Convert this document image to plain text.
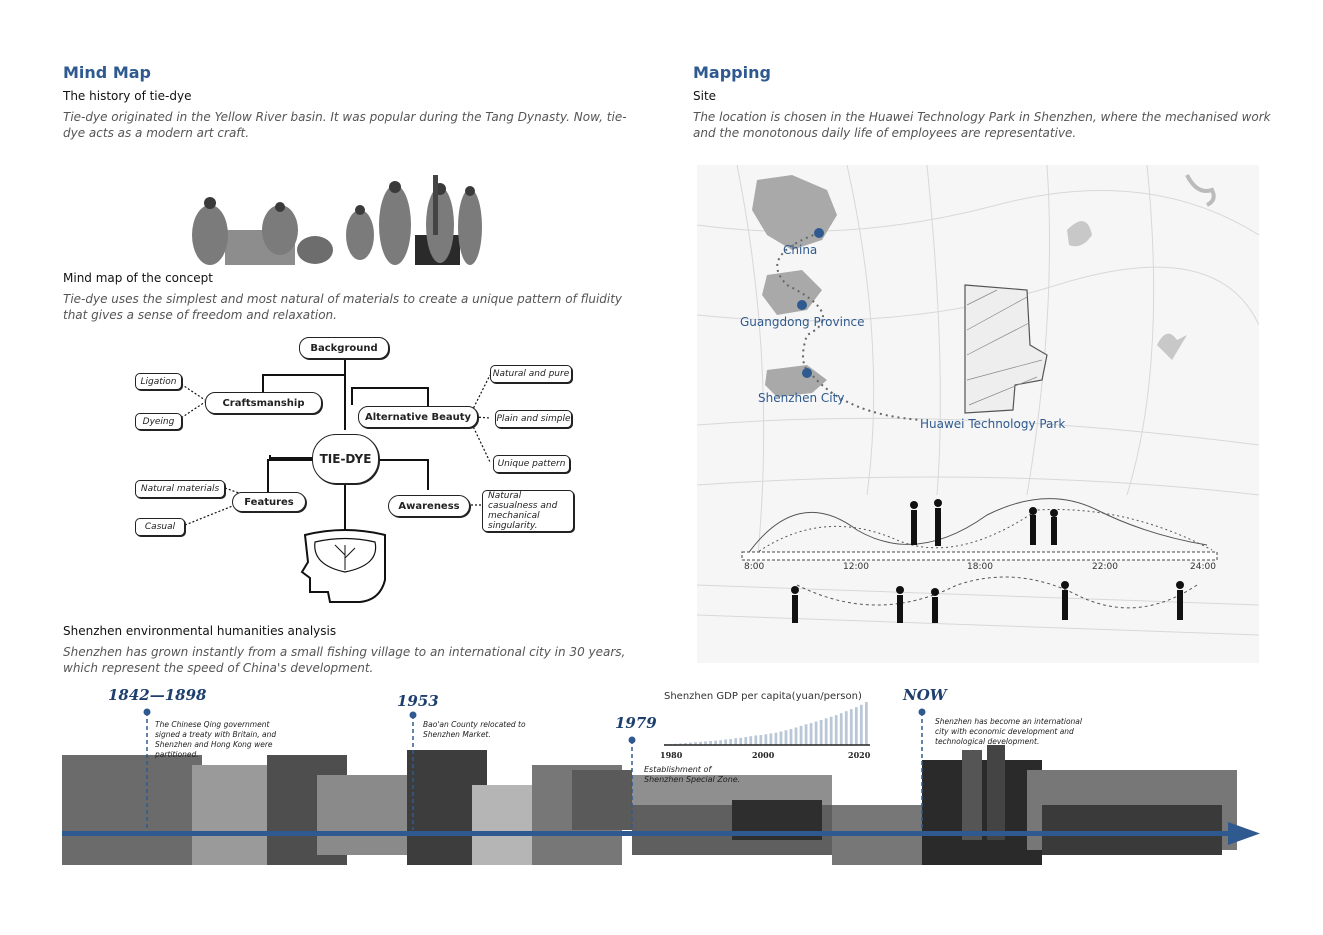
Mind Map
The history of tie-dye
Tie-dye originated in the Yellow River basin. It was popular during the Tang Dynasty. Now, tie-dye acts as a modern art craft.
Mind map of the concept
Tie-dye uses the simplest and most natural of materials to create a unique pattern of fluidity that gives a sense of freedom and relaxation.
Background
Ligation
Dyeing
Craftsmanship
Alternative Beauty
Natural and pure
Plain and simple
Unique pattern
TIE-DYE
Natural materials
Casual
Features	Awareness
Natural casualness and mechanical singularity.
Shenzhen environmental humanities analysis
Shenzhen has grown instantly from a small fishing village to an international city in 30 years, which represent the speed of China's development.
Mapping
Site
The location is chosen in the Huawei Technology Park in Shenzhen, where the mechanised work and the monotonous daily life of employees are representative.
China
Guangdong Province
Shenzhen City
Huawei Technology Park
8:00	12:00	18:00	22:00	24:00
Shenzhen GDP per capita(yuan/person)
1980	2000	2020
1842—1898
The Chinese Qing government signed a treaty with Britain, and Shenzhen and Hong Kong were partitioned.
1953
Bao'an County relocated to Shenzhen Market.
1979
Establishment of Shenzhen Special Zone.
NOW
Shenzhen has become an international city with economic development and technological development.
